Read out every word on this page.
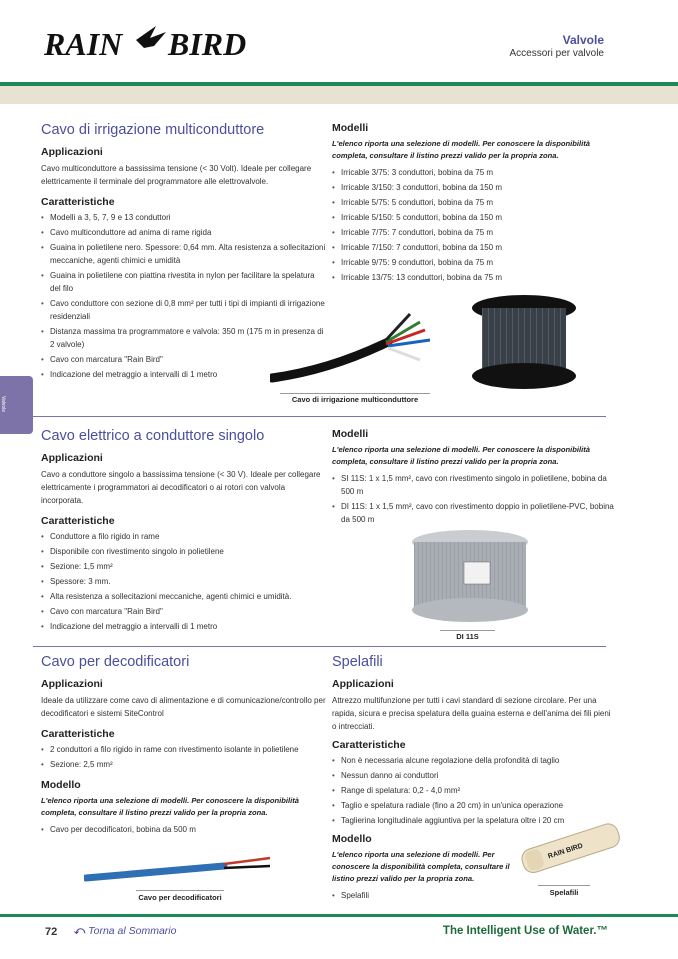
RAIN BIRD	Valvole
Accessori per valvole
Valvole
Cavo di irrigazione multiconduttore
Applicazioni

Cavo multiconduttore a bassissima tensione (< 30 Volt). Ideale per collegare elettricamente il terminale del programmatore alle elettrovalvole.

Caratteristiche
• Modelli a 3, 5, 7, 9 e 13 conduttori
• Cavo multiconduttore ad anima di rame rigida
• Guaina in polietilene nero. Spessore: 0,64 mm. Alta resistenza a sollecitazioni meccaniche, agenti chimici e umidità
• Guaina in polietilene con piattina rivestita in nylon per facilitare la spelatura del filo
• Cavo conduttore con sezione di 0,8 mm² per tutti i tipi di impianti di irrigazione residenziali
• Distanza massima tra programmatore e valvola: 350 m (175 m in presenza di 2 valvole)
• Cavo con marcatura "Rain Bird"
• Indicazione del metraggio a intervalli di 1 metro
Modelli

L'elenco riporta una selezione di modelli. Per conoscere la disponibilità completa, consultare il listino prezzi valido per la propria zona.

• Irricable 3/75: 3 conduttori, bobina da 75 m
• Irricable 3/150: 3 conduttori, bobina da 150 m
• Irricable 5/75: 5 conduttori, bobina da 75 m
• Irricable 5/150: 5 conduttori, bobina da 150 m
• Irricable 7/75: 7 conduttori, bobina da 75 m
• Irricable 7/150: 7 conduttori, bobina da 150 m
• Irricable 9/75: 9 conduttori, bobina da 75 m
• Irricable 13/75: 13 conduttori, bobina da 75 m
Cavo di irrigazione multiconduttore
Cavo elettrico a conduttore singolo
Applicazioni

Cavo a conduttore singolo a bassissima tensione (< 30 V). Ideale per collegare elettricamente i programmatori ai decodificatori o ai rotori con valvola incorporata.

Caratteristiche
• Conduttore a filo rigido in rame
• Disponibile con rivestimento singolo in polietilene
• Sezione: 1,5 mm²
• Spessore: 3 mm.
• Alta resistenza a sollecitazioni meccaniche, agenti chimici e umidità.
• Cavo con marcatura "Rain Bird"
• Indicazione del metraggio a intervalli di 1 metro
Modelli

L'elenco riporta una selezione di modelli. Per conoscere la disponibilità completa, consultare il listino prezzi valido per la propria zona.

• SI 11S: 1 x 1,5 mm², cavo con rivestimento singolo in polietilene, bobina da 500 m
• DI 11S: 1 x 1,5 mm², cavo con rivestimento doppio in polietilene-PVC, bobina da 500 m
DI 11S
Cavo per decodificatori
Applicazioni

Ideale da utilizzare come cavo di alimentazione e di comunicazione/controllo per decodificatori e sistemi SiteControl

Caratteristiche
• 2 conduttori a filo rigido in rame con rivestimento isolante in polietilene
• Sezione: 2,5 mm²
Modello

L'elenco riporta una selezione di modelli. Per conoscere la disponibilità completa, consultare il listino prezzi valido per la propria zona.

• Cavo per decodificatori, bobina da 500 m
Cavo per decodificatori
Spelafili
Applicazioni

Attrezzo multifunzione per tutti i cavi standard di sezione circolare. Per una rapida, sicura e precisa spelatura della guaina esterna e dell'anima dei fili pieni o intrecciati.

Caratteristiche
• Non è necessaria alcune regolazione della profondità di taglio
• Nessun danno ai conduttori
• Range di spelatura: 0,2 - 4,0 mm²
• Taglio e spelatura radiale (fino a 20 cm) in un'unica operazione
• Taglierina longitudinale aggiuntiva per la spelatura oltre i 20 cm
Modello

L'elenco riporta una selezione di modelli. Per conoscere la disponibilità completa, consultare il listino prezzi valido per la propria zona.

• Spelafili
RAIN BIRD
Spelafili
72 ⤺ Torna al Sommario	The Intelligent Use of Water.™
